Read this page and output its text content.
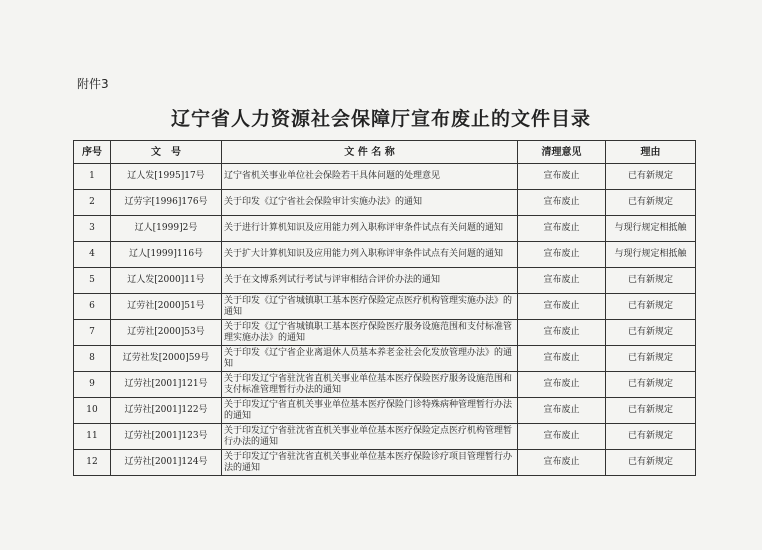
附件3
辽宁省人力资源社会保障厅宣布废止的文件目录
序号	文　号	文 件 名 称	清理意见	理由
1	辽人发[1995]17号	辽宁省机关事业单位社会保险若干具体问题的处理意见	宣布废止	已有新规定
2	辽劳字[1996]176号	关于印发《辽宁省社会保险审计实施办法》的通知	宣布废止	已有新规定
3	辽人[1999]2号	关于进行计算机知识及应用能力列入职称评审条件试点有关问题的通知	宣布废止	与现行规定相抵触
4	辽人[1999]116号	关于扩大计算机知识及应用能力列入职称评审条件试点有关问题的通知	宣布废止	与现行规定相抵触
5	辽人发[2000]11号	关于在文博系列试行考试与评审相结合评价办法的通知	宣布废止	已有新规定
6	辽劳社[2000]51号	关于印发《辽宁省城镇职工基本医疗保险定点医疗机构管理实施办法》的通知	宣布废止	已有新规定
7	辽劳社[2000]53号	关于印发《辽宁省城镇职工基本医疗保险医疗服务设施范围和支付标准管理实施办法》的通知	宣布废止	已有新规定
8	辽劳社发[2000]59号	关于印发《辽宁省企业离退休人员基本养老金社会化发放管理办法》的通知	宣布废止	已有新规定
9	辽劳社[2001]121号	关于印发辽宁省驻沈省直机关事业单位基本医疗保险医疗服务设施范围和支付标准管理暂行办法的通知	宣布废止	已有新规定
10	辽劳社[2001]122号	关于印发辽宁省直机关事业单位基本医疗保险门诊特殊病种管理暂行办法的通知	宣布废止	已有新规定
11	辽劳社[2001]123号	关于印发辽宁省驻沈省直机关事业单位基本医疗保险定点医疗机构管理暂行办法的通知	宣布废止	已有新规定
12	辽劳社[2001]124号	关于印发辽宁省驻沈省直机关事业单位基本医疗保险诊疗项目管理暂行办法的通知	宣布废止	已有新规定
